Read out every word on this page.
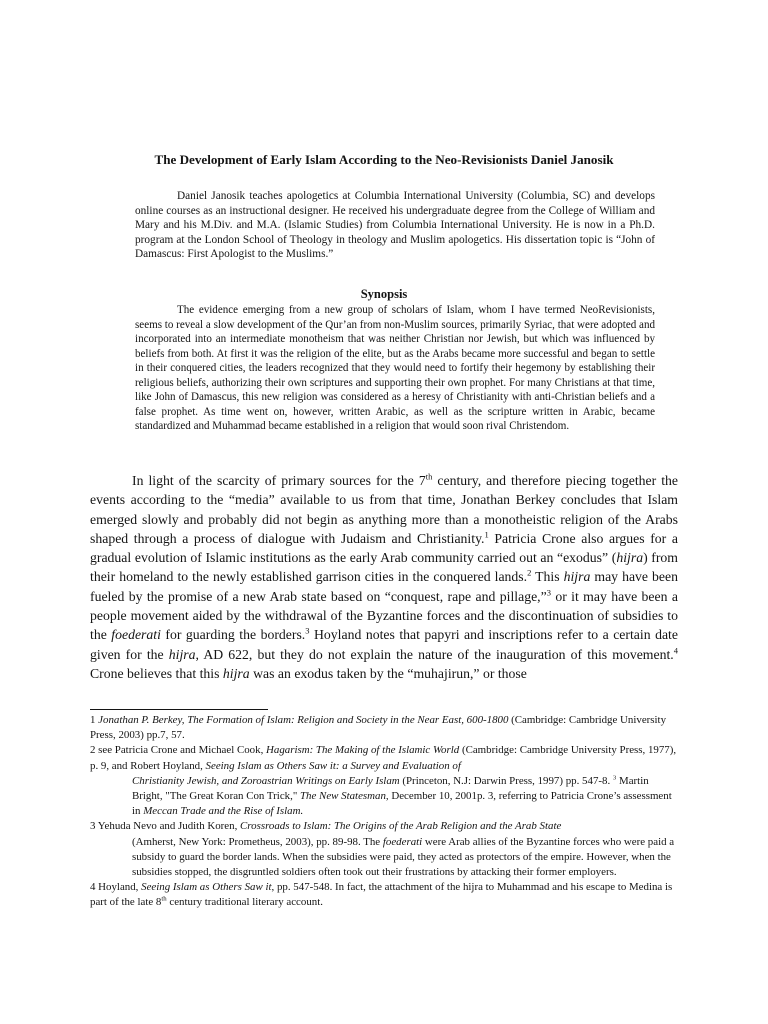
The Development of Early Islam According to the Neo-Revisionists Daniel Janosik

Daniel Janosik teaches apologetics at Columbia International University (Columbia, SC) and develops online courses as an instructional designer. He received his undergraduate degree from the College of William and Mary and his M.Div. and M.A. (Islamic Studies) from Columbia International University. He is now in a Ph.D. program at the London School of Theology in theology and Muslim apologetics. His dissertation topic is “John of Damascus: First Apologist to the Muslims.”

Synopsis

The evidence emerging from a new group of scholars of Islam, whom I have termed NeoRevisionists, seems to reveal a slow development of the Qur’an from non-Muslim sources, primarily Syriac, that were adopted and incorporated into an intermediate monotheism that was neither Christian nor Jewish, but which was influenced by beliefs from both. At first it was the religion of the elite, but as the Arabs became more successful and began to settle in their conquered cities, the leaders recognized that they would need to fortify their hegemony by establishing their religious beliefs, authorizing their own scriptures and supporting their own prophet. For many Christians at that time, like John of Damascus, this new religion was considered as a heresy of Christianity with anti-Christian beliefs and a false prophet. As time went on, however, written Arabic, as well as the scripture written in Arabic, became standardized and Muhammad became established in a religion that would soon rival Christendom.

In light of the scarcity of primary sources for the 7th century, and therefore piecing together the events according to the “media” available to us from that time, Jonathan Berkey concludes that Islam emerged slowly and probably did not begin as anything more than a monotheistic religion of the Arabs shaped through a process of dialogue with Judaism and Christianity.$^1$ Patricia Crone also argues for a gradual evolution of Islamic institutions as the early Arab community carried out an “exodus” (hijra) from their homeland to the newly established garrison cities in the conquered lands.$^2$ This hijra may have been fueled by the promise of a new Arab state based on “conquest, rape and pillage,”$^3$ or it may have been a people movement aided by the withdrawal of the Byzantine forces and the discontinuation of subsidies to the foederati for guarding the borders.$^3$ Hoyland notes that papyri and inscriptions refer to a certain date given for the hijra, AD 622, but they do not explain the nature of the inauguration of this movement.$^4$ Crone believes that this hijra was an exodus taken by the “muhajirun,” or those

1 Jonathan P. Berkey, The Formation of Islam: Religion and Society in the Near East, 600-1800 (Cambridge: Cambridge University Press, 2003) pp.7, 57.

2 see Patricia Crone and Michael Cook, Hagarism: The Making of the Islamic World (Cambridge: Cambridge University Press, 1977), p. 9, and Robert Hoyland, Seeing Islam as Others Saw it: a Survey and Evaluation of
Christianity Jewish, and Zoroastrian Writings on Early Islam (Princeton, N.J: Darwin Press, 1997) pp. 547-8. $^3$ Martin Bright, "The Great Koran Con Trick," The New Statesman, December 10, 2001p. 3, referring to Patricia Crone’s assessment in Meccan Trade and the Rise of Islam.

3 Yehuda Nevo and Judith Koren, Crossroads to Islam: The Origins of the Arab Religion and the Arab State
(Amherst, New York: Prometheus, 2003), pp. 89-98. The foederati were Arab allies of the Byzantine forces who were paid a subsidy to guard the border lands. When the subsidies were paid, they acted as protectors of the empire. However, when the subsidies stopped, the disgruntled soldiers often took out their frustrations by attacking their former employers.

4 Hoyland, Seeing Islam as Others Saw it, pp. 547-548. In fact, the attachment of the hijra to Muhammad and his escape to Medina is part of the late 8th century traditional literary account.
